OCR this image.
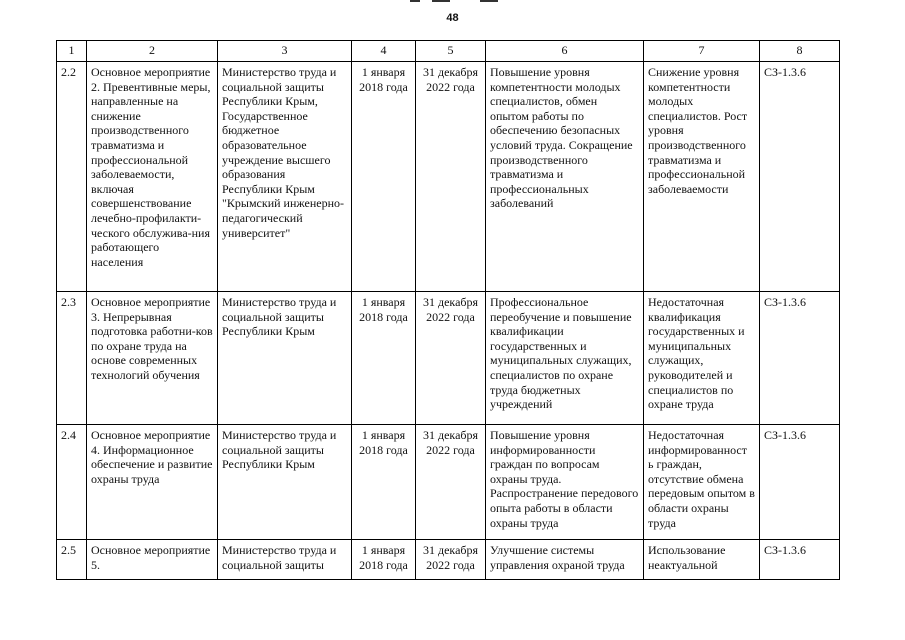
48
1	2	3	4	5	6	7	8
2.2	Основное мероприятие 2. Превентивные меры, направленные на снижение производственного травматизма и профессиональной заболеваемости, включая совершенствование лечебно-профилакти-ческого обслужива-ния работающего населения	Министерство труда и социальной защиты Республики Крым, Государственное бюджетное образовательное учреждение высшего образования Республики Крым "Крымский инженерно-педагогический университет"	1 января 2018 года	31 декабря 2022 года	Повышение уровня компетентности молодых специалистов, обмен опытом работы по обеспечению безопасных условий труда. Сокращение производственного травматизма и профессиональных заболеваний	Снижение уровня компетентности молодых специалистов. Рост уровня производственного травматизма и профессиональной заболеваемости	СЗ-1.3.6
2.3	Основное мероприятие 3. Непрерывная подготовка работни-ков по охране труда на основе современных технологий обучения	Министерство труда и социальной защиты Республики Крым	1 января 2018 года	31 декабря 2022 года	Профессиональное переобучение и повышение квалификации государственных и муниципальных служащих, специалистов по охране труда бюджетных учреждений	Недостаточная квалификация государственных и муниципальных служащих, руководителей и специалистов по охране труда	СЗ-1.3.6
2.4	Основное мероприятие 4. Информационное обеспечение и развитие охраны труда	Министерство труда и социальной защиты Республики Крым	1 января 2018 года	31 декабря 2022 года	Повышение уровня информированности граждан по вопросам охраны труда. Распространение передового опыта работы в области охраны труда	Недостаточная информированност ь граждан, отсутствие обмена передовым опытом в области охраны труда	СЗ-1.3.6
2.5	Основное мероприятие 5.	Министерство труда и социальной защиты	1 января 2018 года	31 декабря 2022 года	Улучшение системы управления охраной труда	Использование неактуальной	СЗ-1.3.6
